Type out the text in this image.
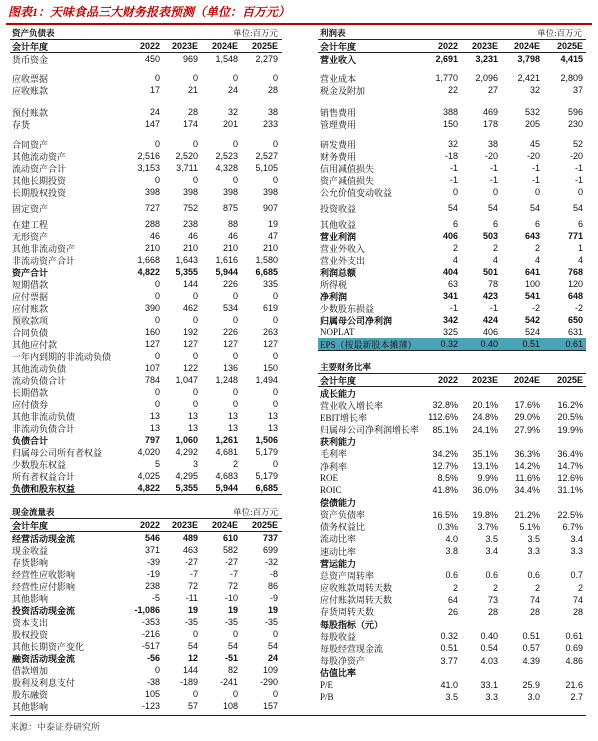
图表1：天味食品三大财务报表预测（单位：百万元）
资产负债表	单位:百万元
会计年度	2022	2023E	2024E	2025E
货币资金	450	969	1,548	2,279
应收票据	0	0	0	0
应收账款	17	21	24	28
预付账款	24	28	32	38
存货	147	174	201	233
合同资产	0	0	0	0
其他流动资产	2,516	2,520	2,523	2,527
流动资产合计	3,153	3,711	4,328	5,105
其他长期投资	0	0	0	0
长期股权投资	398	398	398	398
固定资产	727	752	875	907
在建工程	288	238	88	19
无形资产	46	46	46	47
其他非流动资产	210	210	210	210
非流动资产合计	1,668	1,643	1,616	1,580
资产合计	4,822	5,355	5,944	6,685
短期借款	0	144	226	335
应付票据	0	0	0	0
应付账款	390	462	534	619
预收款项	0	0	0	0
合同负债	160	192	226	263
其他应付款	127	127	127	127
一年内到期的非流动负债	0	0	0	0
其他流动负债	107	122	136	150
流动负债合计	784	1,047	1,248	1,494
长期借款	0	0	0	0
应付债券	0	0	0	0
其他非流动负债	13	13	13	13
非流动负债合计	13	13	13	13
负债合计	797	1,060	1,261	1,506
归属母公司所有者权益	4,020	4,292	4,681	5,179
少数股东权益	5	3	2	0
所有者权益合计	4,025	4,295	4,683	5,179
负债和股东权益	4,822	5,355	5,944	6,685
现金流量表	单位:百万元
会计年度	2022	2023E	2024E	2025E
经营活动现金流	546	489	610	737
现金收益	371	463	582	699
存货影响	-39	-27	-27	-32
经营性应收影响	-19	-7	-7	-8
经营性应付影响	238	72	72	86
其他影响	-5	-11	-10	-9
投资活动现金流	-1,086	19	19	19
资本支出	-353	-35	-35	-35
股权投资	-216	0	0	0
其他长期资产变化	-517	54	54	54
融资活动现金流	-56	12	-51	24
借款增加	0	144	82	109
股利及利息支付	-38	-189	-241	-290
股东融资	105	0	0	0
其他影响	-123	57	108	157
利润表	单位:百万元
会计年度	2022	2023E	2024E	2025E
营业收入	2,691	3,231	3,798	4,415
营业成本	1,770	2,096	2,421	2,809
税金及附加	22	27	32	37
销售费用	388	469	532	596
管理费用	150	178	205	230
研发费用	32	38	45	52
财务费用	-18	-20	-20	-20
信用减值损失	-1	-1	-1	-1
资产减值损失	-1	-1	-1	-1
公允价值变动收益	0	0	0	0
投资收益	54	54	54	54
其他收益	6	6	6	6
营业利润	406	503	643	771
营业外收入	2	2	2	1
营业外支出	4	4	4	4
利润总额	404	501	641	768
所得税	63	78	100	120
净利润	341	423	541	648
少数股东损益	-1	-1	-2	-2
归属母公司净利润	342	424	542	650
NOPLAT	325	406	524	631
EPS（按最新股本摊薄）	0.32	0.40	0.51	0.61
主要财务比率
会计年度	2022	2023E	2024E	2025E
成长能力
营业收入增长率	32.8%	20.1%	17.6%	16.2%
EBIT增长率	112.6%	24.8%	29.0%	20.5%
归属母公司净利润增长率	85.1%	24.1%	27.9%	19.9%
获利能力
毛利率	34.2%	35.1%	36.3%	36.4%
净利率	12.7%	13.1%	14.2%	14.7%
ROE	8.5%	9.9%	11.6%	12.6%
ROIC	41.8%	36.0%	34.4%	31.1%
偿债能力
资产负债率	16.5%	19.8%	21.2%	22.5%
债务权益比	0.3%	3.7%	5.1%	6.7%
流动比率	4.0	3.5	3.5	3.4
速动比率	3.8	3.4	3.3	3.3
营运能力
总资产周转率	0.6	0.6	0.6	0.7
应收账款周转天数	2	2	2	2
应付账款周转天数	64	73	74	74
存货周转天数	26	28	28	28
每股指标（元）
每股收益	0.32	0.40	0.51	0.61
每股经营现金流	0.51	0.54	0.57	0.69
每股净资产	3.77	4.03	4.39	4.86
估值比率
P/E	41.0	33.1	25.9	21.6
P/B	3.5	3.3	3.0	2.7
来源：中泰证券研究所
